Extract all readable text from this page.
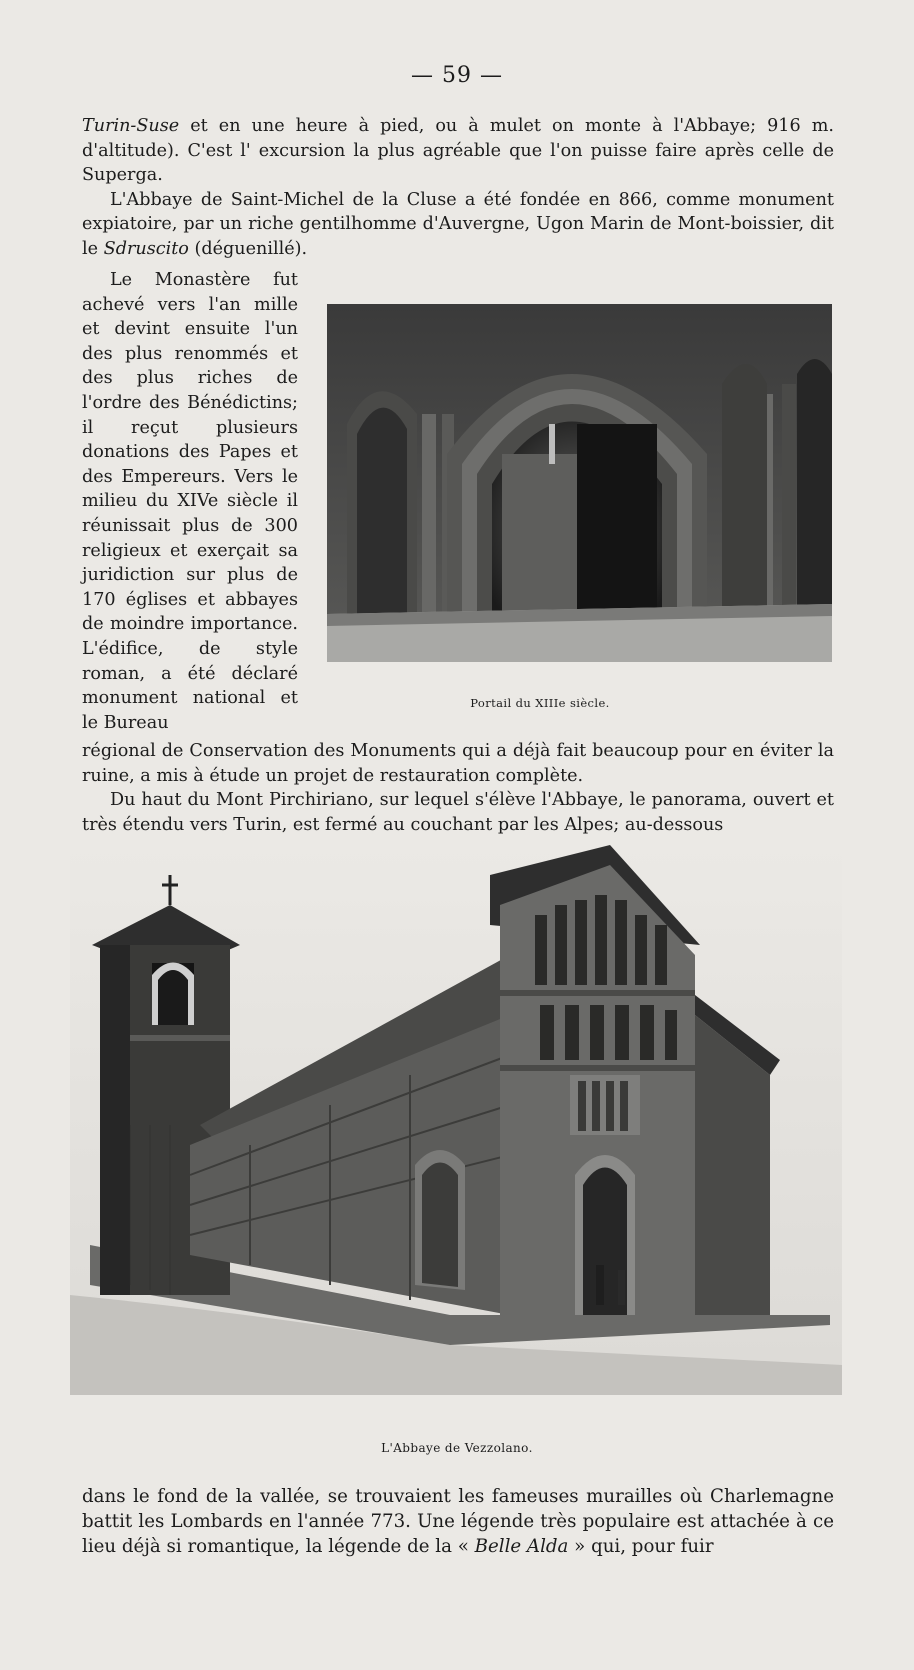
— 59 —

Turin-Suse et en une heure à pied, ou à mulet on monte à l'Abbaye; 916 m. d'altitude). C'est l' excursion la plus agréable que l'on puisse faire après celle de Superga.

L'Abbaye de Saint-Michel de la Cluse a été fondée en 866, comme monument expiatoire, par un riche gentilhomme d'Auvergne, Ugon Marin de Mont-boissier, dit le Sdruscito (déguenillé).

Le Monastère fut achevé vers l'an mille et devint ensuite l'un des plus renommés et des plus riches de l'ordre des Bénédictins; il reçut plusieurs donations des Papes et des Empereurs. Vers le milieu du XIVe siècle il réunissait plus de 300 religieux et exerçait sa juridiction sur plus de 170 églises et abbayes de moindre importance. L'édifice, de style roman, a été déclaré monument national et le Bureau

Portail du XIIIe siècle.

régional de Conservation des Monuments qui a déjà fait beaucoup pour en éviter la ruine, a mis à étude un projet de restauration complète.

Du haut du Mont Pirchiriano, sur lequel s'élève l'Abbaye, le panorama, ouvert et très étendu vers Turin, est fermé au couchant par les Alpes; au-dessous

L'Abbaye de Vezzolano.

dans le fond de la vallée, se trouvaient les fameuses murailles où Charlemagne battit les Lombards en l'année 773. Une légende très populaire est attachée à ce lieu déjà si romantique, la légende de la « Belle Alda » qui, pour fuir
